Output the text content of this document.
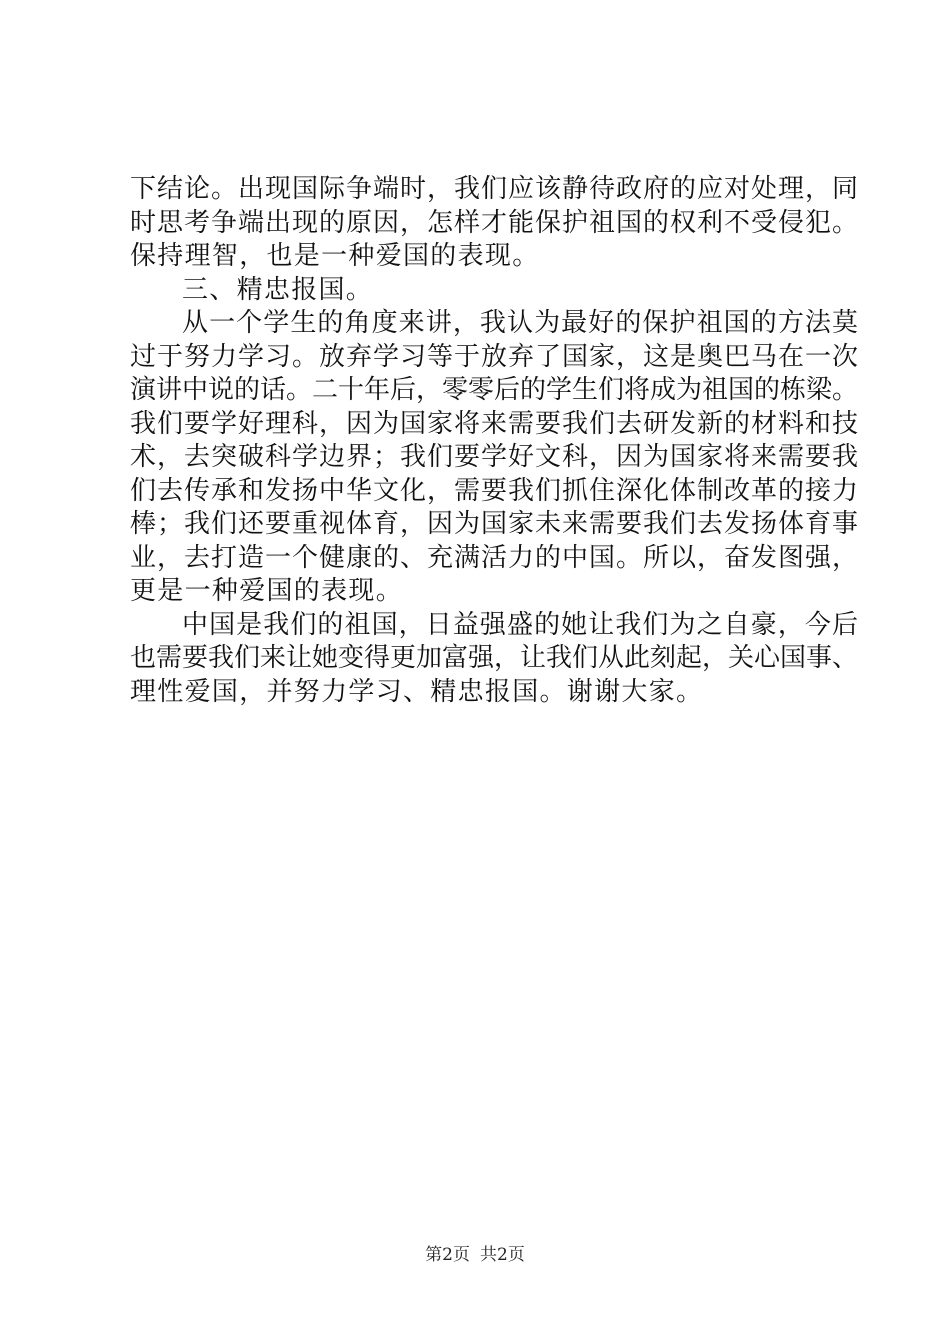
下结论。出现国际争端时，我们应该静待政府的应对处理，同
时思考争端出现的原因，怎样才能保护祖国的权利不受侵犯。
保持理智，也是一种爱国的表现。
三、精忠报国。
从一个学生的角度来讲，我认为最好的保护祖国的方法莫
过于努力学习。放弃学习等于放弃了国家，这是奥巴马在一次
演讲中说的话。二十年后，零零后的学生们将成为祖国的栋梁。
我们要学好理科，因为国家将来需要我们去研发新的材料和技
术，去突破科学边界；我们要学好文科，因为国家将来需要我
们去传承和发扬中华文化，需要我们抓住深化体制改革的接力
棒；我们还要重视体育，因为国家未来需要我们去发扬体育事
业，去打造一个健康的、充满活力的中国。所以，奋发图强，
更是一种爱国的表现。
中国是我们的祖国，日益强盛的她让我们为之自豪，今后
也需要我们来让她变得更加富强，让我们从此刻起，关心国事、
理性爱国，并努力学习、精忠报国。谢谢大家。
第2页 共2页
